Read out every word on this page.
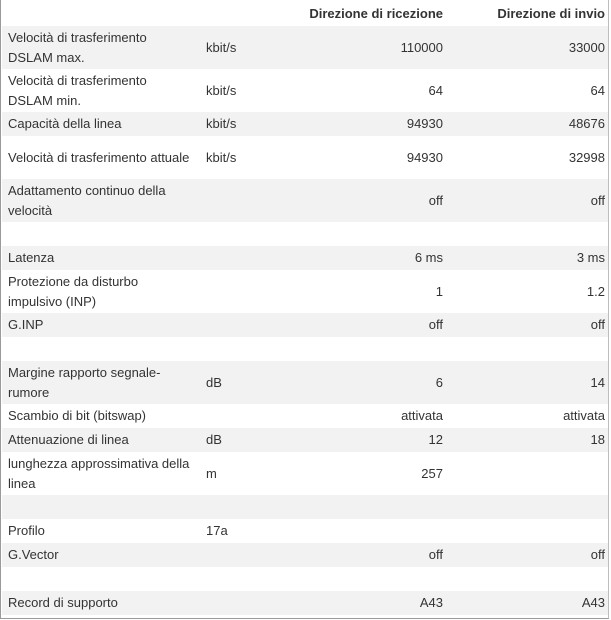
		Direzione di ricezione	Direzione di invio
Velocità di trasferimento DSLAM max.	kbit/s	110000	33000
Velocità di trasferimento DSLAM min.	kbit/s	64	64
Capacità della linea	kbit/s	94930	48676
Velocità di trasferimento attuale	kbit/s	94930	32998
Adattamento continuo della velocità		off	off

Latenza		6 ms	3 ms
Protezione da disturbo impulsivo (INP)		1	1.2
G.INP		off	off

Margine rapporto segnale-rumore	dB	6	14
Scambio di bit (bitswap)		attivata	attivata
Attenuazione di linea	dB	12	18
lunghezza approssimativa della linea	m	257	

Profilo	17a		
G.Vector		off	off

Record di supporto		A43	A43
